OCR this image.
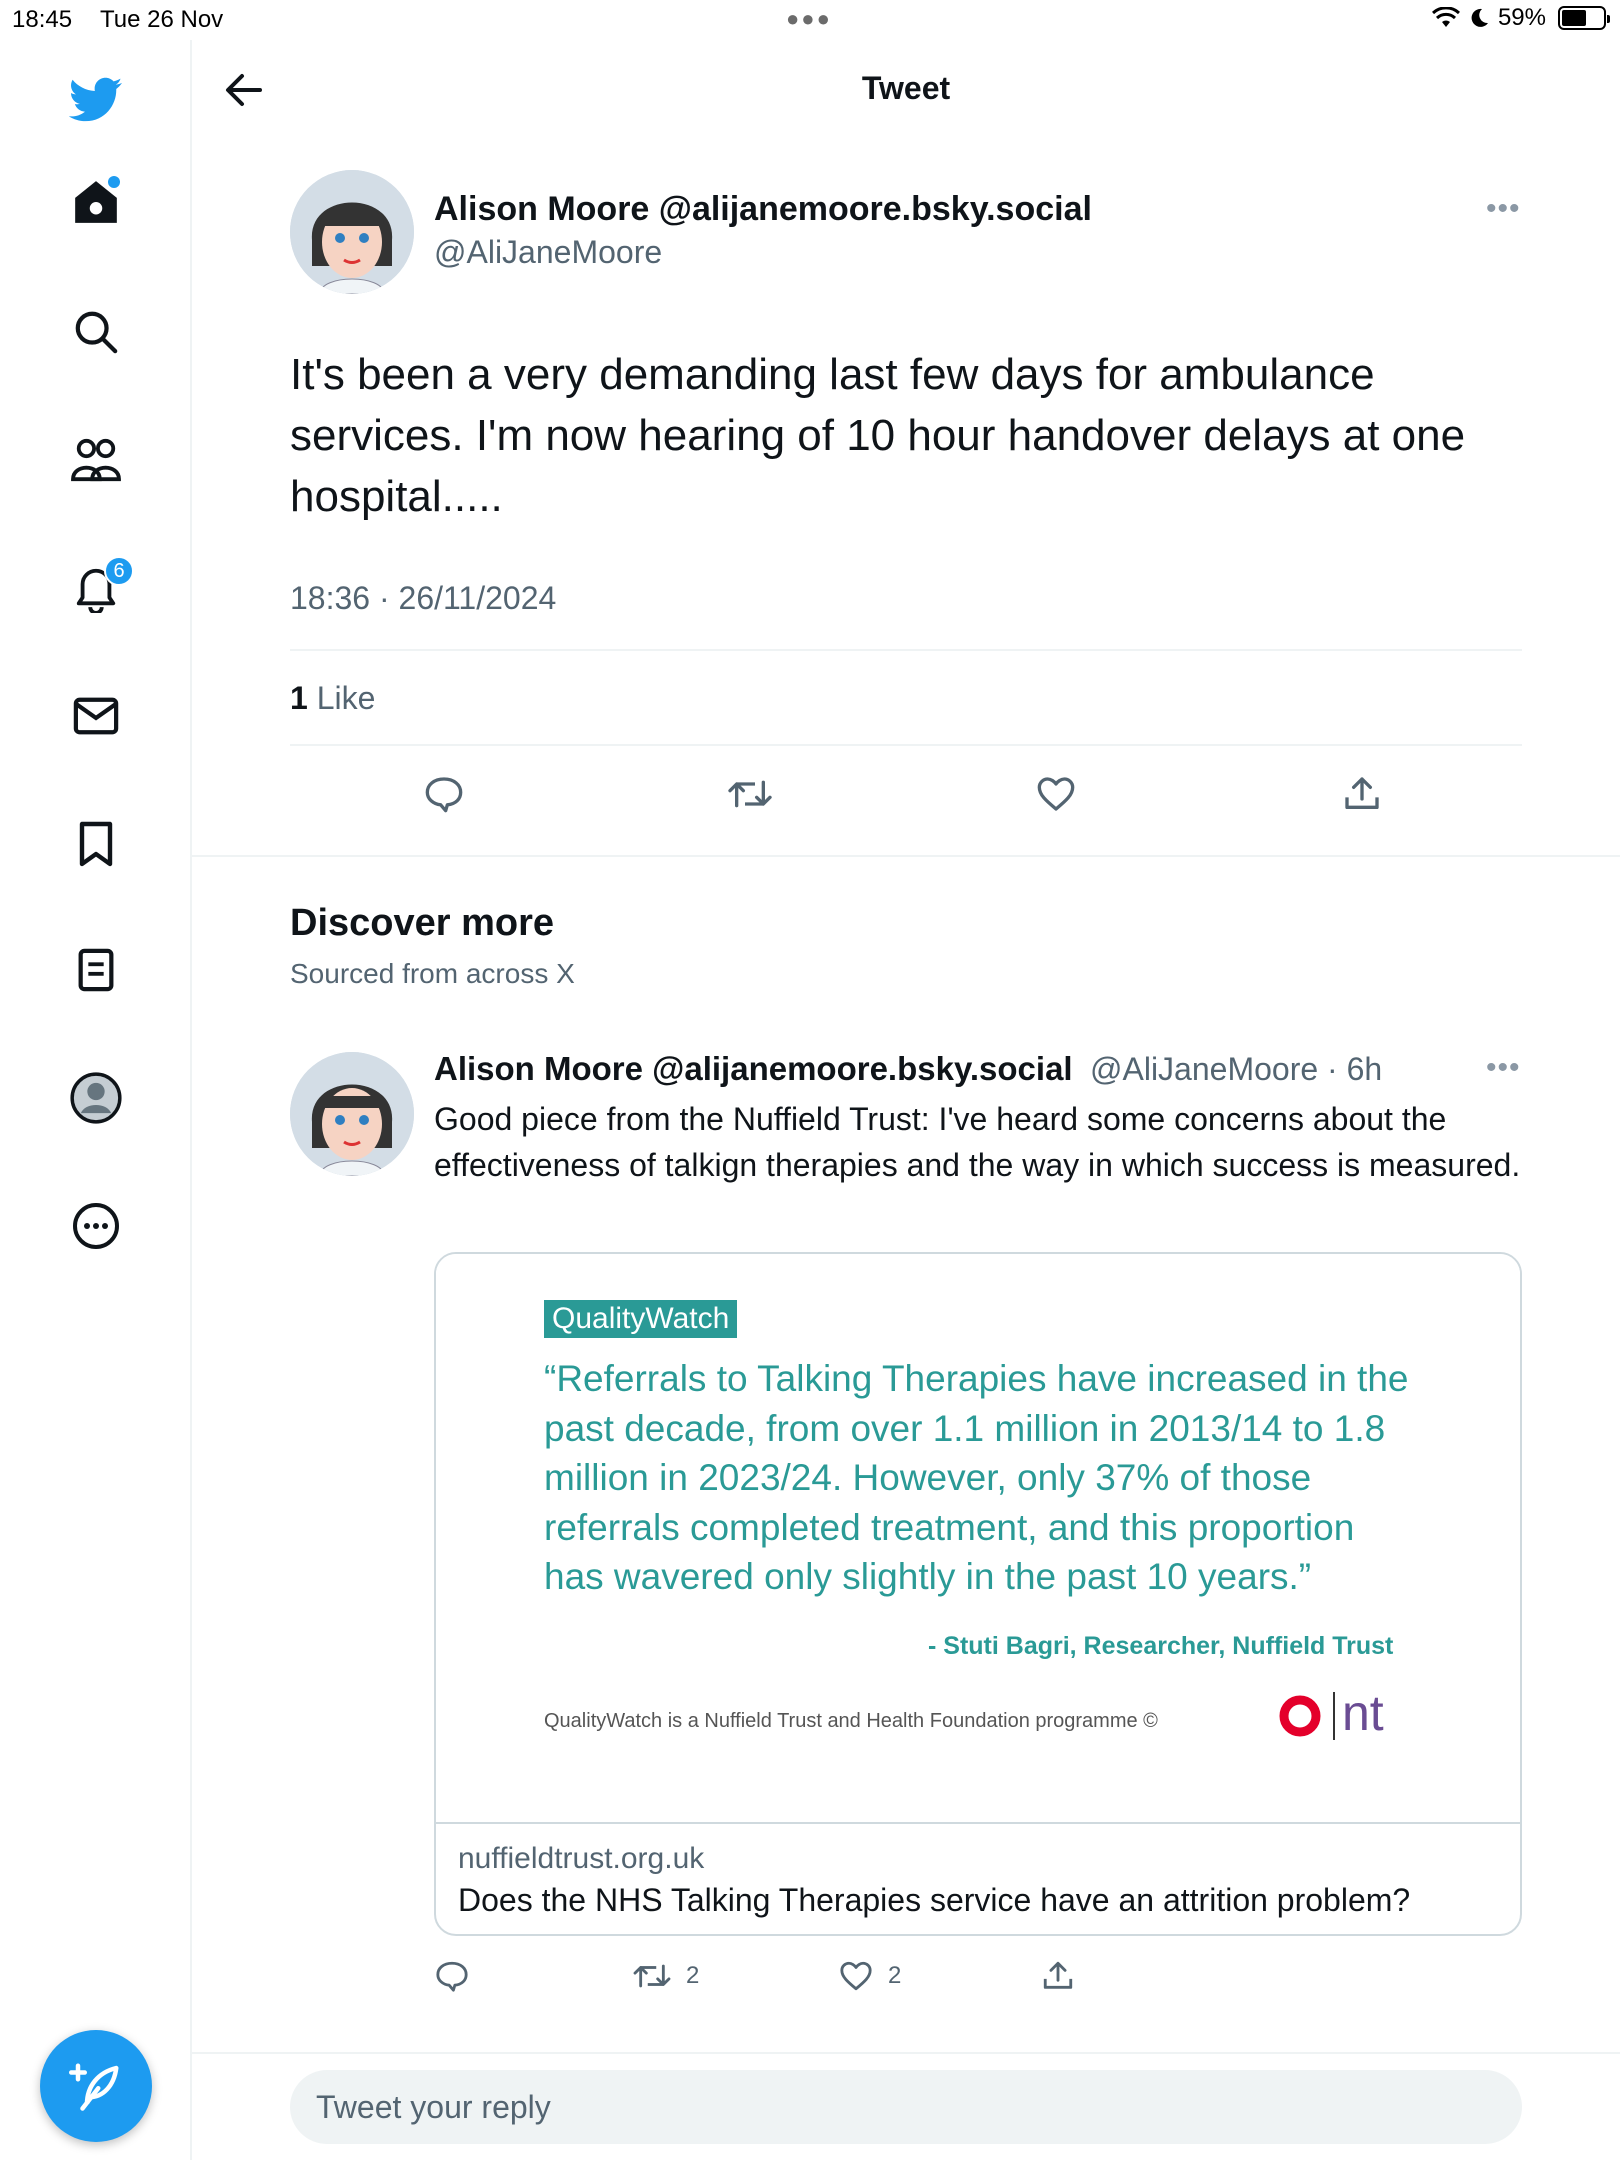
18:45 Tue 26 Nov	●●●	59%
6
Tweet
Alison Moore @alijanemoore.bsky.social
@AliJaneMoore
•••
It's been a very demanding last few days for ambulance services. I'm now hearing of 10 hour handover delays at one hospital.....
18:36 · 26/11/2024
1 Like
Discover more
Sourced from across X
Alison Moore @alijanemoore.bsky.social @AliJaneMoore · 6h	•••
Good piece from the Nuffield Trust: I've heard some concerns about the effectiveness of talkign therapies and the way in which success is measured.
QualityWatch
“Referrals to Talking Therapies have increased in the past decade, from over 1.1 million in 2013/14 to 1.8 million in 2023/24. However, only 37% of those referrals completed treatment, and this proportion has wavered only slightly in the past 10 years.”
- Stuti Bagri, Researcher, Nuffield Trust
QualityWatch is a Nuffield Trust and Health Foundation programme ©	nt
nuffieldtrust.org.uk
Does the NHS Talking Therapies service have an attrition problem?
2	2
Tweet your reply
